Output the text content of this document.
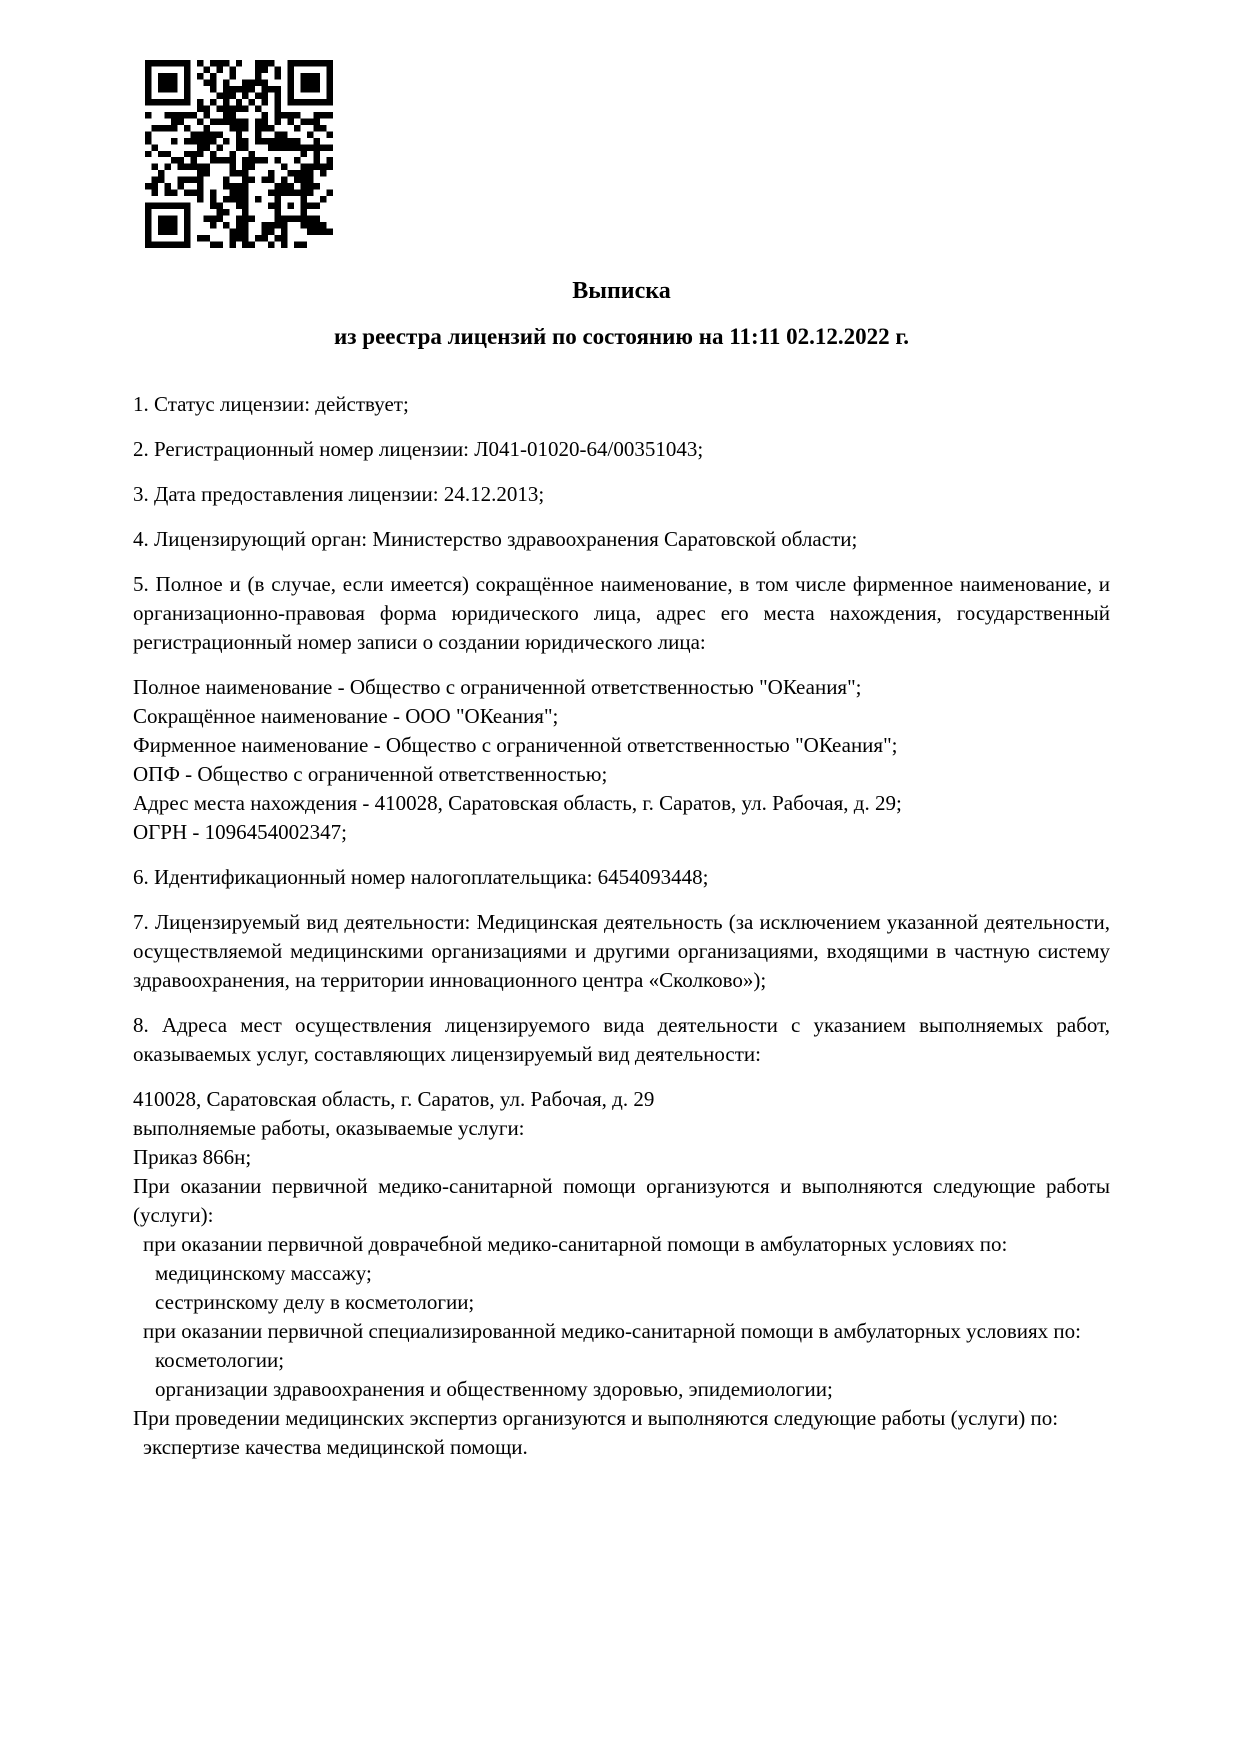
Выписка

из реестра лицензий по состоянию на 11:11 02.12.2022 г.

1. Статус лицензии: действует;

2. Регистрационный номер лицензии: Л041-01020-64/00351043;

3. Дата предоставления лицензии: 24.12.2013;

4. Лицензирующий орган: Министерство здравоохранения Саратовской области;

5. Полное и (в случае, если имеется) сокращённое наименование, в том числе фирменное наименование, и организационно-правовая форма юридического лица, адрес его места нахождения, государственный регистрационный номер записи о создании юридического лица:

Полное наименование - Общество с ограниченной ответственностью "ОКеания";

Сокращённое наименование - ООО "ОКеания";

Фирменное наименование - Общество с ограниченной ответственностью "ОКеания";

ОПФ - Общество с ограниченной ответственностью;

Адрес места нахождения - 410028, Саратовская область, г. Саратов, ул. Рабочая, д. 29;

ОГРН - 1096454002347;

6. Идентификационный номер налогоплательщика: 6454093448;

7. Лицензируемый вид деятельности: Медицинская деятельность (за исключением указанной деятельности, осуществляемой медицинскими организациями и другими организациями, входящими в частную систему здравоохранения, на территории инновационного центра «Сколково»);

8. Адреса мест осуществления лицензируемого вида деятельности с указанием выполняемых работ, оказываемых услуг, составляющих лицензируемый вид деятельности:

410028, Саратовская область, г. Саратов, ул. Рабочая, д. 29

выполняемые работы, оказываемые услуги:

Приказ 866н;

При оказании первичной медико-санитарной помощи организуются и выполняются следующие работы (услуги):

при оказании первичной доврачебной медико-санитарной помощи в амбулаторных условиях по:

медицинскому массажу;

сестринскому делу в косметологии;

при оказании первичной специализированной медико-санитарной помощи в амбулаторных условиях по:

косметологии;

организации здравоохранения и общественному здоровью, эпидемиологии;

При проведении медицинских экспертиз организуются и выполняются следующие работы (услуги) по:

экспертизе качества медицинской помощи.
